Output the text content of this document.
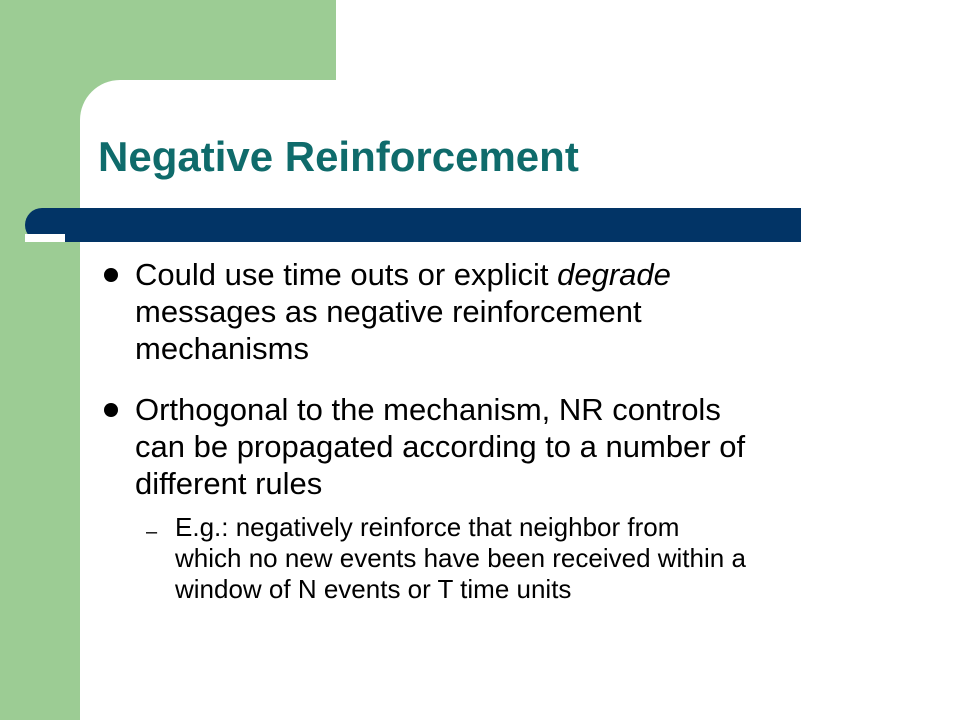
Negative Reinforcement
Could use time outs or explicit degrade
messages as negative reinforcement
mechanisms
Orthogonal to the mechanism, NR controls
can be propagated according to a number of
different rules
– E.g.: negatively reinforce that neighbor from
which no new events have been received within a
window of N events or T time units
